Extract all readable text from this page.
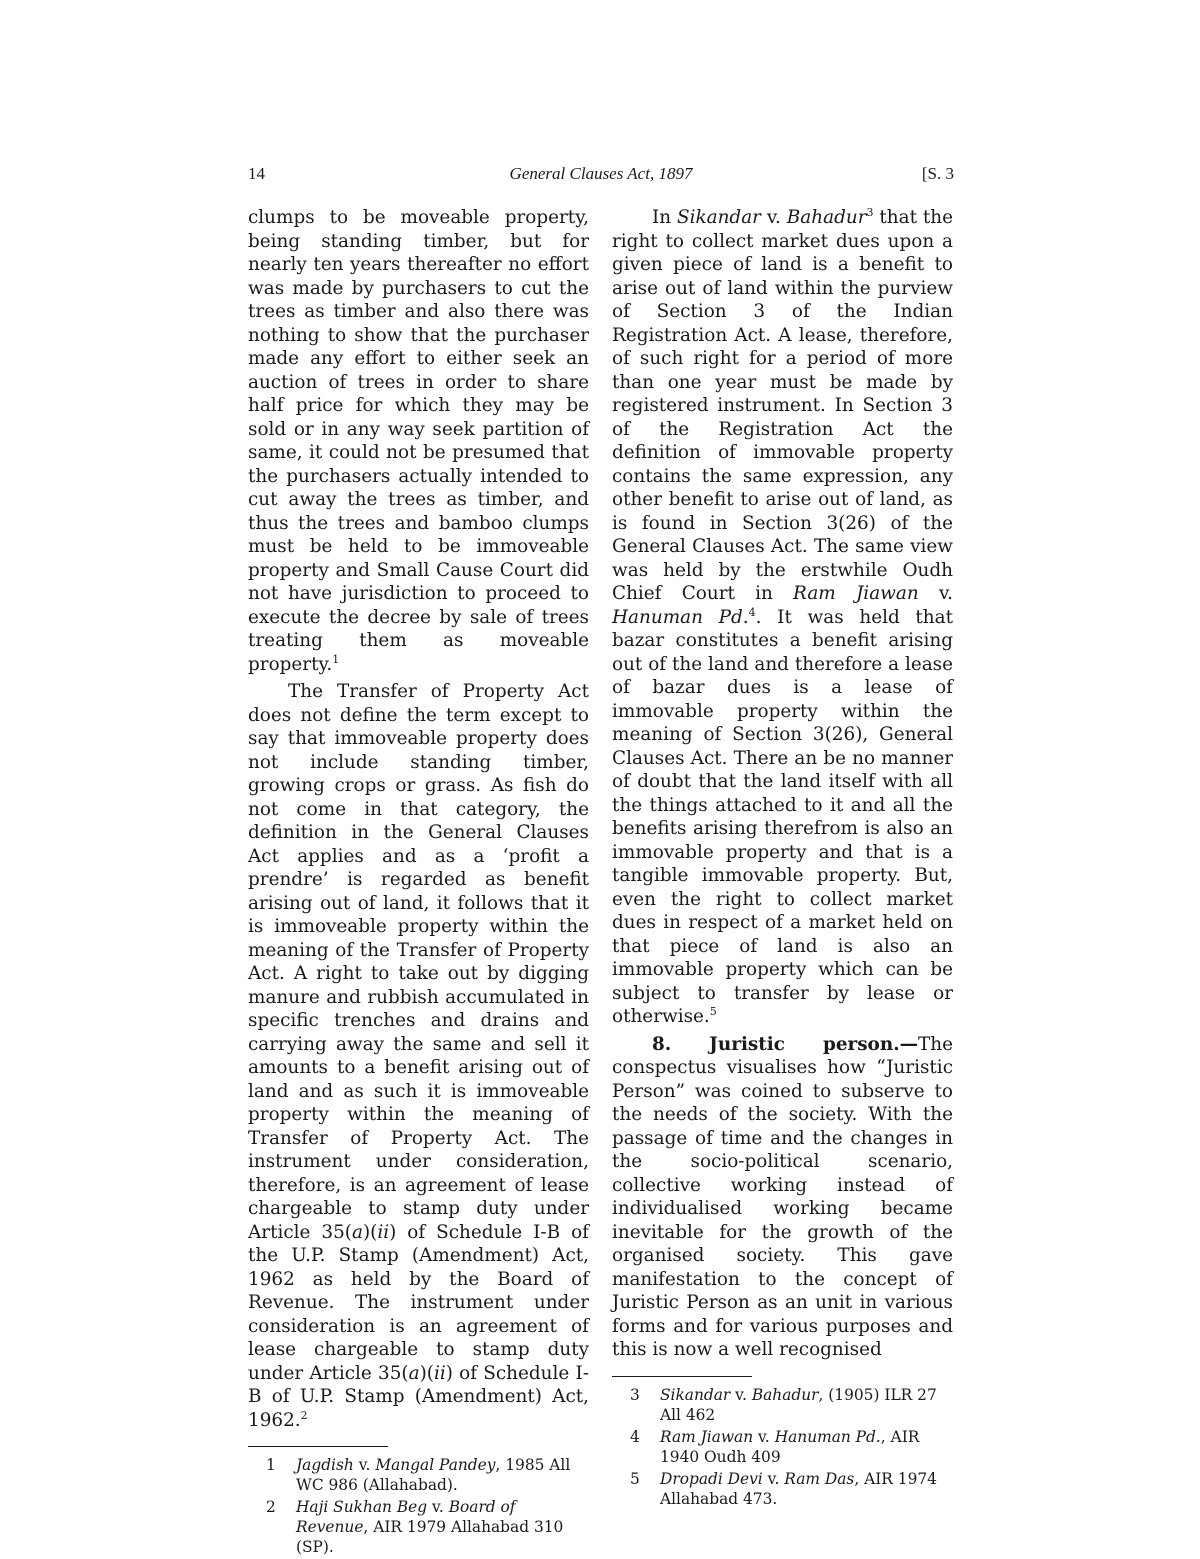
14	General Clauses Act, 1897	[S. 3

clumps to be moveable property, being standing timber, but for nearly ten years thereafter no effort was made by purchasers to cut the trees as timber and also there was nothing to show that the purchaser made any effort to either seek an auction of trees in order to share half price for which they may be sold or in any way seek partition of same, it could not be presumed that the purchasers actually intended to cut away the trees as timber, and thus the trees and bamboo clumps must be held to be immoveable property and Small Cause Court did not have jurisdiction to proceed to execute the decree by sale of trees treating them as moveable property.$^1$

The Transfer of Property Act does not define the term except to say that immoveable property does not include standing timber, growing crops or grass. As fish do not come in that category, the definition in the General Clauses Act applies and as a ‘profit a prendre’ is regarded as benefit arising out of land, it follows that it is immoveable property within the meaning of the Transfer of Property Act. A right to take out by digging manure and rubbish accumulated in specific trenches and drains and carrying away the same and sell it amounts to a benefit arising out of land and as such it is immoveable property within the meaning of Transfer of Property Act. The instrument under consideration, therefore, is an agreement of lease chargeable to stamp duty under Article 35(a)(ii) of Schedule I-B of the U.P. Stamp (Amendment) Act, 1962 as held by the Board of Revenue. The instrument under consideration is an agreement of lease chargeable to stamp duty under Article 35(a)(ii) of Schedule I-B of U.P. Stamp (Amendment) Act, 1962.$^2$

1	Jagdish v. Mangal Pandey, 1985 All WC 986 (Allahabad).
2	Haji Sukhan Beg v. Board of Revenue, AIR 1979 Allahabad 310 (SP).

In Sikandar v. Bahadur$^3$ that the right to collect market dues upon a given piece of land is a benefit to arise out of land within the purview of Section 3 of the Indian Registration Act. A lease, therefore, of such right for a period of more than one year must be made by registered instrument. In Section 3 of the Registration Act the definition of immovable property contains the same expression, any other benefit to arise out of land, as is found in Section 3(26) of the General Clauses Act. The same view was held by the erstwhile Oudh Chief Court in Ram Jiawan v. Hanuman Pd.$^4$. It was held that bazar constitutes a benefit arising out of the land and therefore a lease of bazar dues is a lease of immovable property within the meaning of Section 3(26), General Clauses Act. There an be no manner of doubt that the land itself with all the things attached to it and all the benefits arising therefrom is also an immovable property and that is a tangible immovable property. But, even the right to collect market dues in respect of a market held on that piece of land is also an immovable property which can be subject to transfer by lease or otherwise.$^5$

8. Juristic person.—The conspectus visualises how “Juristic Person” was coined to subserve to the needs of the society. With the passage of time and the changes in the socio-political scenario, collective working instead of individualised working became inevitable for the growth of the organised society. This gave manifestation to the concept of Juristic Person as an unit in various forms and for various purposes and this is now a well recognised

3	Sikandar v. Bahadur, (1905) ILR 27 All 462
4	Ram Jiawan v. Hanuman Pd., AIR 1940 Oudh 409
5	Dropadi Devi v. Ram Das, AIR 1974 Allahabad 473.
